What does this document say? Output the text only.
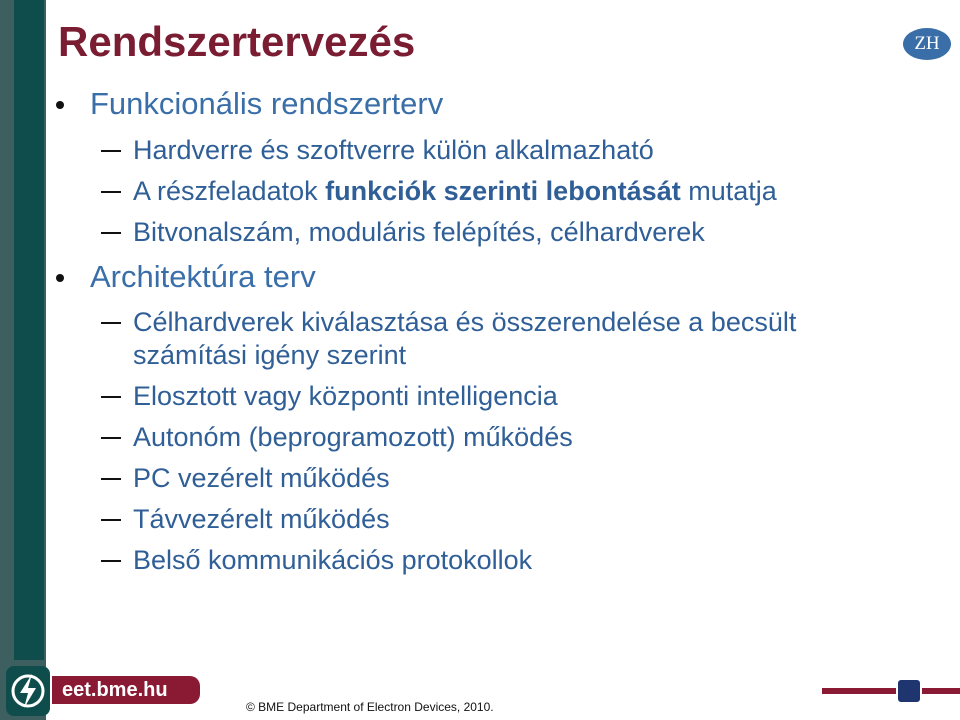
Rendszertervezés	ZH
Funkcionális rendszerterv
Hardverre és szoftverre külön alkalmazható
A részfeladatok funkciók szerinti lebontását mutatja
Bitvonalszám, moduláris felépítés, célhardverek
Architektúra terv
Célhardverek kiválasztása és összerendelése a becsült
számítási igény szerint
Elosztott vagy központi intelligencia
Autonóm (beprogramozott) működés
PC vezérelt működés
Távvezérelt működés
Belső kommunikációs protokollok
eet.bme.hu
© BME Department of Electron Devices, 2010.
